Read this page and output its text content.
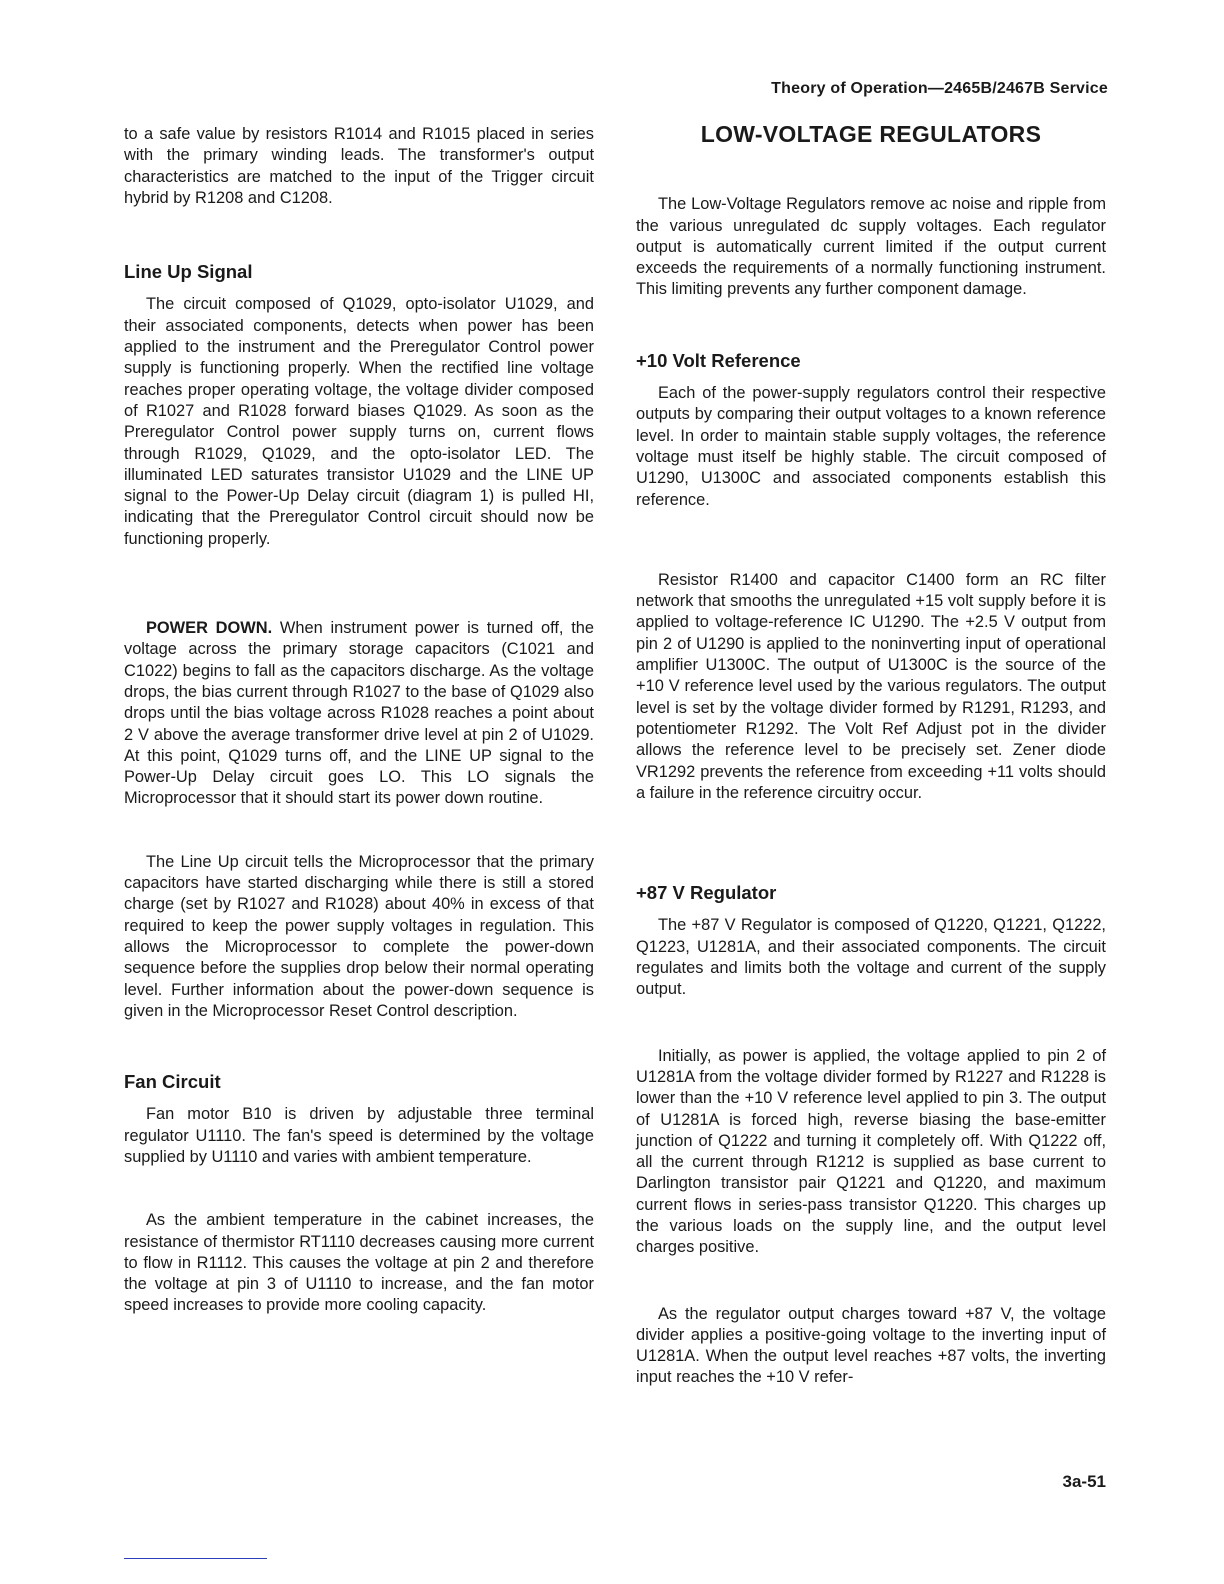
Theory of Operation—2465B/2467B Service

to a safe value by resistors R1014 and R1015 placed in series with the primary winding leads. The transformer's output characteristics are matched to the input of the Trigger circuit hybrid by R1208 and C1208.

Line Up Signal

The circuit composed of Q1029, opto-isolator U1029, and their associated components, detects when power has been applied to the instrument and the Preregulator Control power supply is functioning properly. When the rectified line voltage reaches proper operating voltage, the voltage divider composed of R1027 and R1028 forward biases Q1029. As soon as the Preregulator Control power supply turns on, current flows through R1029, Q1029, and the opto-isolator LED. The illuminated LED saturates transistor U1029 and the LINE UP signal to the Power-Up Delay circuit (diagram 1) is pulled HI, indicating that the Preregulator Control circuit should now be functioning properly.

POWER DOWN. When instrument power is turned off, the voltage across the primary storage capacitors (C1021 and C1022) begins to fall as the capacitors discharge. As the voltage drops, the bias current through R1027 to the base of Q1029 also drops until the bias voltage across R1028 reaches a point about 2 V above the average transformer drive level at pin 2 of U1029. At this point, Q1029 turns off, and the LINE UP signal to the Power-Up Delay circuit goes LO. This LO signals the Microprocessor that it should start its power down routine.

The Line Up circuit tells the Microprocessor that the primary capacitors have started discharging while there is still a stored charge (set by R1027 and R1028) about 40% in excess of that required to keep the power supply voltages in regulation. This allows the Microprocessor to complete the power-down sequence before the supplies drop below their normal operating level. Further information about the power-down sequence is given in the Microprocessor Reset Control description.

Fan Circuit

Fan motor B10 is driven by adjustable three terminal regulator U1110. The fan's speed is determined by the voltage supplied by U1110 and varies with ambient temperature.

As the ambient temperature in the cabinet increases, the resistance of thermistor RT1110 decreases causing more current to flow in R1112. This causes the voltage at pin 2 and therefore the voltage at pin 3 of U1110 to increase, and the fan motor speed increases to provide more cooling capacity.

LOW-VOLTAGE REGULATORS

The Low-Voltage Regulators remove ac noise and ripple from the various unregulated dc supply voltages. Each regulator output is automatically current limited if the output current exceeds the requirements of a normally functioning instrument. This limiting prevents any further component damage.

+10 Volt Reference

Each of the power-supply regulators control their respective outputs by comparing their output voltages to a known reference level. In order to maintain stable supply voltages, the reference voltage must itself be highly stable. The circuit composed of U1290, U1300C and associated components establish this reference.

Resistor R1400 and capacitor C1400 form an RC filter network that smooths the unregulated +15 volt supply before it is applied to voltage-reference IC U1290. The +2.5 V output from pin 2 of U1290 is applied to the noninverting input of operational amplifier U1300C. The output of U1300C is the source of the +10 V reference level used by the various regulators. The output level is set by the voltage divider formed by R1291, R1293, and potentiometer R1292. The Volt Ref Adjust pot in the divider allows the reference level to be precisely set. Zener diode VR1292 prevents the reference from exceeding +11 volts should a failure in the reference circuitry occur.

+87 V Regulator

The +87 V Regulator is composed of Q1220, Q1221, Q1222, Q1223, U1281A, and their associated components. The circuit regulates and limits both the voltage and current of the supply output.

Initially, as power is applied, the voltage applied to pin 2 of U1281A from the voltage divider formed by R1227 and R1228 is lower than the +10 V reference level applied to pin 3. The output of U1281A is forced high, reverse biasing the base-emitter junction of Q1222 and turning it completely off. With Q1222 off, all the current through R1212 is supplied as base current to Darlington transistor pair Q1221 and Q1220, and maximum current flows in series-pass transistor Q1220. This charges up the various loads on the supply line, and the output level charges positive.

As the regulator output charges toward +87 V, the voltage divider applies a positive-going voltage to the inverting input of U1281A. When the output level reaches +87 volts, the inverting input reaches the +10 V refer-

3a-51
